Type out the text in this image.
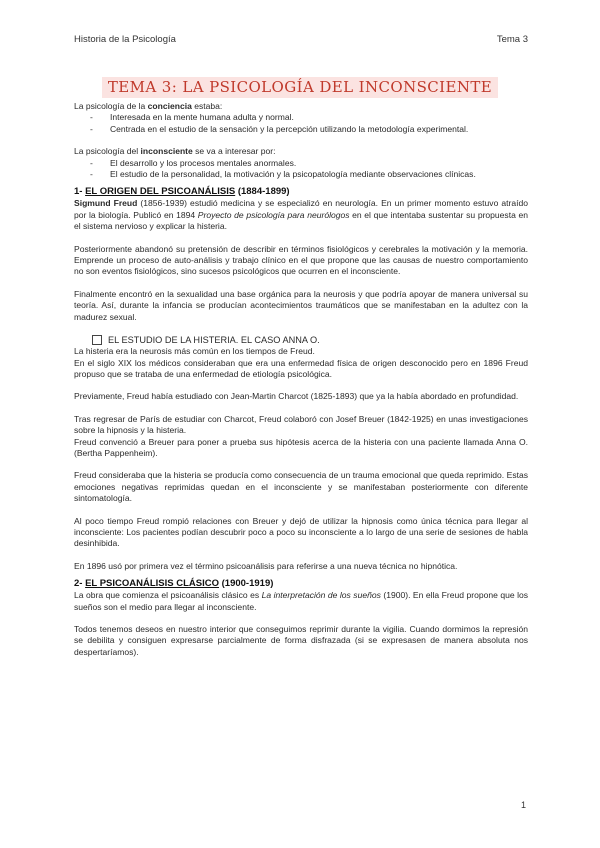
Historia de la Psicología	Tema 3
TEMA 3: LA PSICOLOGÍA DEL INCONSCIENTE

La psicología de la conciencia estaba:

- Interesada en la mente humana adulta y normal.
- Centrada en el estudio de la sensación y la percepción utilizando la metodología experimental.

La psicología del inconsciente se va a interesar por:

- El desarrollo y los procesos mentales anormales.
- El estudio de la personalidad, la motivación y la psicopatología mediante observaciones clínicas.
1- EL ORIGEN DEL PSICOANÁLISIS (1884-1899)

Sigmund Freud (1856-1939) estudió medicina y se especializó en neurología. En un primer momento estuvo atraído por la biología. Publicó en 1894 Proyecto de psicología para neurólogos en el que intentaba sustentar su propuesta en el sistema nervioso y explicar la histeria.

Posteriormente abandonó su pretensión de describir en términos fisiológicos y cerebrales la motivación y la memoria. Emprende un proceso de auto-análisis y trabajo clínico en el que propone que las causas de nuestro comportamiento no son eventos fisiológicos, sino sucesos psicológicos que ocurren en el inconsciente.

Finalmente encontró en la sexualidad una base orgánica para la neurosis y que podría apoyar de manera universal su teoría. Así, durante la infancia se producían acontecimientos traumáticos que se manifestaban en la adultez con la madurez sexual.

EL ESTUDIO DE LA HISTERIA. EL CASO ANNA O.

La histeria era la neurosis más común en los tiempos de Freud.

En el siglo XIX los médicos consideraban que era una enfermedad física de origen desconocido pero en 1896 Freud propuso que se trataba de una enfermedad de etiología psicológica.

Previamente, Freud había estudiado con Jean-Martin Charcot (1825-1893) que ya la había abordado en profundidad.

Tras regresar de París de estudiar con Charcot, Freud colaboró con Josef Breuer (1842-1925) en unas investigaciones sobre la hipnosis y la histeria.

Freud convenció a Breuer para poner a prueba sus hipótesis acerca de la histeria con una paciente llamada Anna O. (Bertha Pappenheim).

Freud consideraba que la histeria se producía como consecuencia de un trauma emocional que queda reprimido. Estas emociones negativas reprimidas quedan en el inconsciente y se manifestaban posteriormente con diferente sintomatología.

Al poco tiempo Freud rompió relaciones con Breuer y dejó de utilizar la hipnosis como única técnica para llegar al inconsciente: Los pacientes podían descubrir poco a poco su inconsciente a lo largo de una serie de sesiones de habla desinhibida.

En 1896 usó por primera vez el término psicoanálisis para referirse a una nueva técnica no hipnótica.

2- EL PSICOANÁLISIS CLÁSICO (1900-1919)

La obra que comienza el psicoanálisis clásico es La interpretación de los sueños (1900). En ella Freud propone que los sueños son el medio para llegar al inconsciente.

Todos tenemos deseos en nuestro interior que conseguimos reprimir durante la vigilia. Cuando dormimos la represión se debilita y consiguen expresarse parcialmente de forma disfrazada (si se expresasen de manera absoluta nos despertaríamos).

1
